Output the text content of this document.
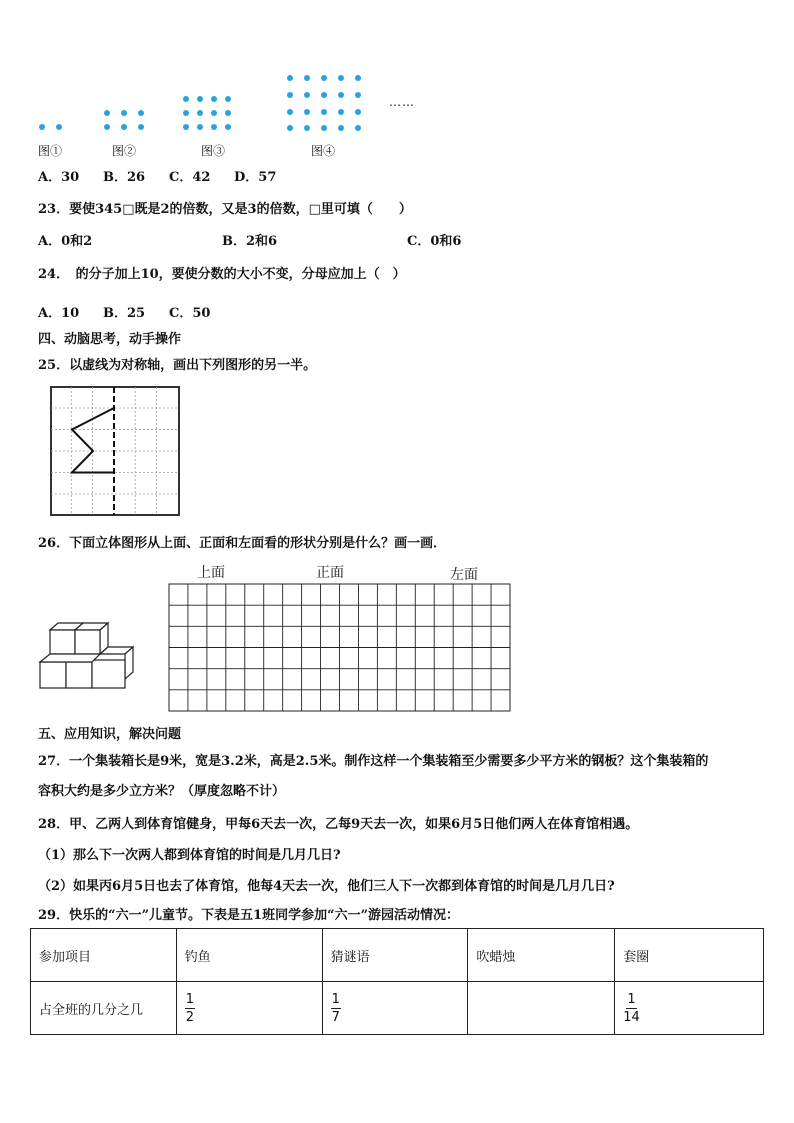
……
图①	图②	图③	图④
A．30 B．26 C．42 D．57
23．要使345□既是2的倍数，又是3的倍数，□里可填（　　）
A．0和2	B．2和6	C．0和6
24．　的分子加上10，要使分数的大小不变，分母应加上（　）
A．10 B．25 C．50
四、动脑思考，动手操作
25．以虚线为对称轴，画出下列图形的另一半。
26．下面立体图形从上面、正面和左面看的形状分别是什么？画一画．
上面	正面	左面
五、应用知识，解决问题
27．一个集装箱长是9米，宽是3.2米，高是2.5米。制作这样一个集装箱至少需要多少平方米的钢板？这个集装箱的
容积大约是多少立方米？（厚度忽略不计）
28．甲、乙两人到体育馆健身，甲每6天去一次，乙每9天去一次，如果6月5日他们两人在体育馆相遇。
（1）那么下一次两人都到体育馆的时间是几月几日?
（2）如果丙6月5日也去了体育馆，他每4天去一次，他们三人下一次都到体育馆的时间是几月几日?
29．快乐的“六一”儿童节。下表是五1班同学参加“六一”游园活动情况：
参加项目	钓鱼	猜谜语	吹蜡烛	套圈
占全班的几分之几	$\frac{1}{2}$	$\frac{1}{7}$		$\frac{1}{14}$
